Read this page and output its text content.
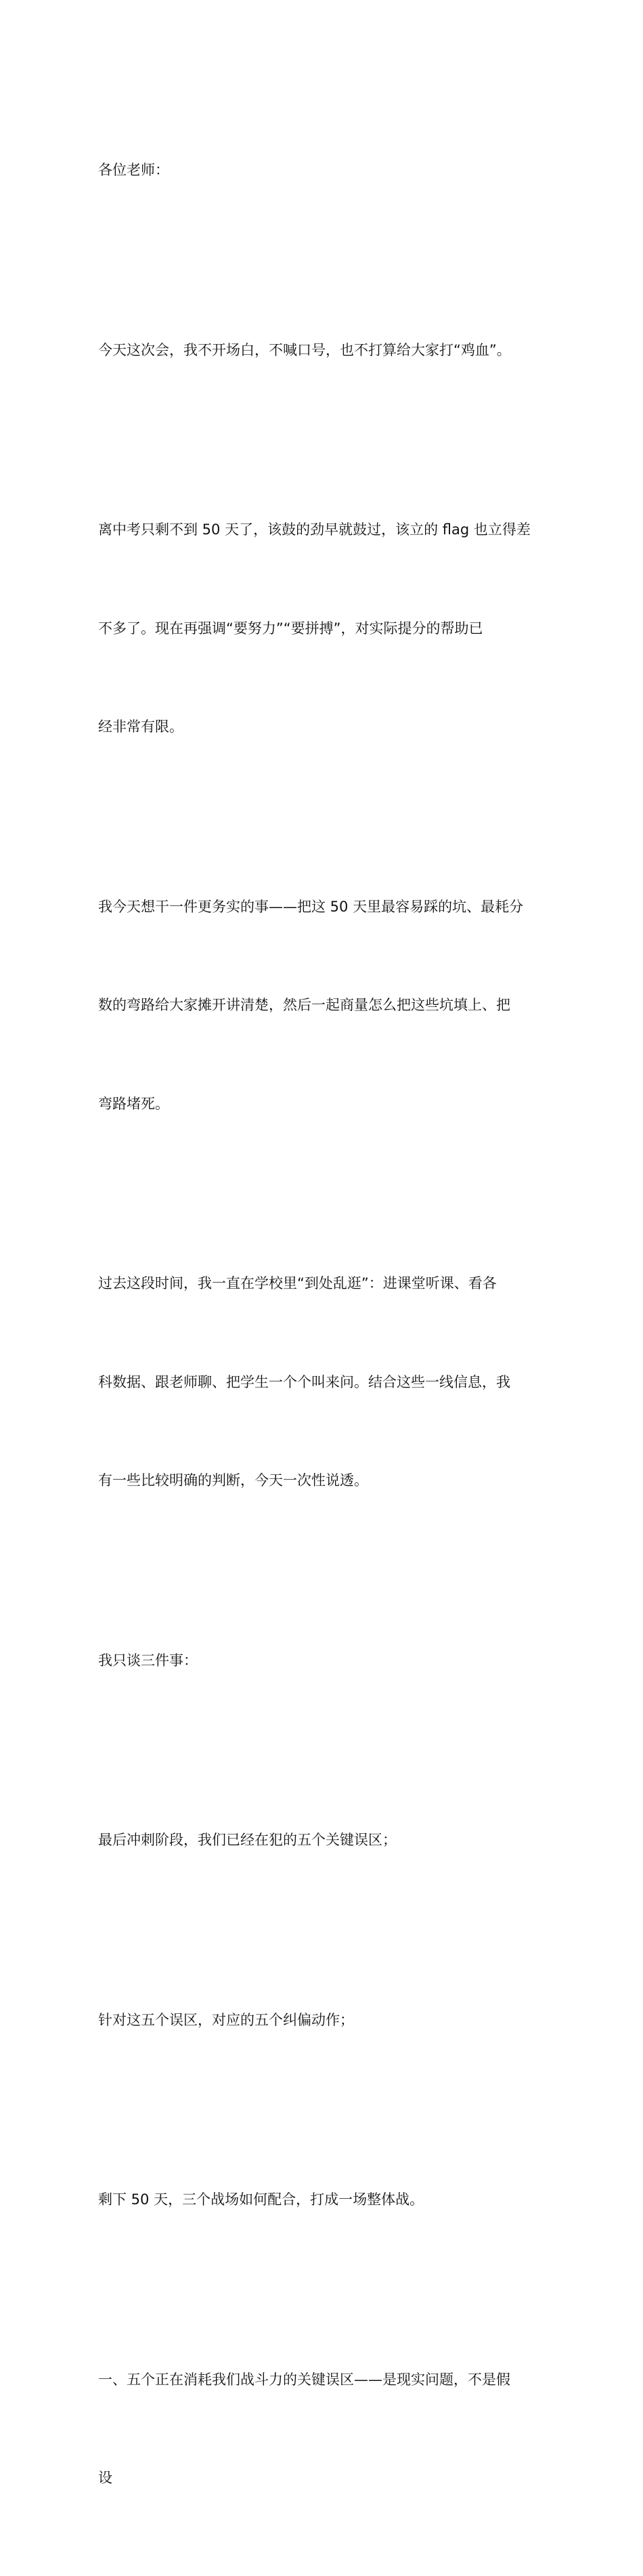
各位老师：

今天这次会，我不开场白，不喊口号，也不打算给大家打“鸡血”。

离中考只剩不到 50 天了，该鼓的劲早就鼓过，该立的 flag 也立得差

不多了。现在再强调“要努力”“要拼搏”，对实际提分的帮助已

经非常有限。

我今天想干一件更务实的事——把这 50 天里最容易踩的坑、最耗分

数的弯路给大家摊开讲清楚，然后一起商量怎么把这些坑填上、把

弯路堵死。

过去这段时间，我一直在学校里“到处乱逛”：进课堂听课、看各

科数据、跟老师聊、把学生一个个叫来问。结合这些一线信息，我

有一些比较明确的判断，今天一次性说透。

我只谈三件事：

最后冲刺阶段，我们已经在犯的五个关键误区；

针对这五个误区，对应的五个纠偏动作；

剩下 50 天，三个战场如何配合，打成一场整体战。

一、五个正在消耗我们战斗力的关键误区——是现实问题，不是假

设
